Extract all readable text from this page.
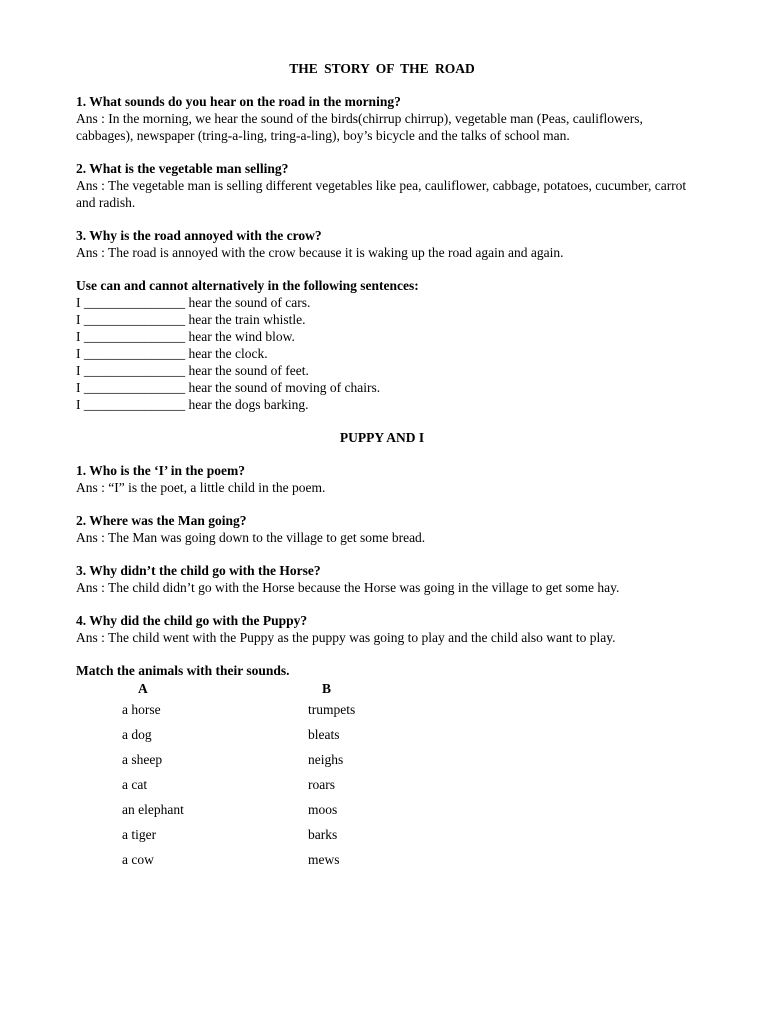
THE STORY OF THE ROAD
1. What sounds do you hear on the road in the morning?
Ans : In the morning, we hear the sound of the birds(chirrup chirrup), vegetable man (Peas, cauliflowers, cabbages), newspaper (tring-a-ling, tring-a-ling), boy’s bicycle and the talks of school man.
2. What is the vegetable man selling?
Ans : The vegetable man is selling different vegetables like pea, cauliflower, cabbage, potatoes, cucumber, carrot and radish.
3. Why is the road annoyed with the crow?
Ans : The road is annoyed with the crow because it is waking up the road again and again.
Use can and cannot alternatively in the following sentences:
I _______________ hear the sound of cars.
I _______________ hear the train whistle.
I _______________ hear the wind blow.
I _______________ hear the clock.
I _______________ hear the sound of feet.
I _______________ hear the sound of moving of chairs.
I _______________ hear the dogs barking.
PUPPY AND I
1. Who is the ‘I’ in the poem?
Ans : “I” is the poet, a little child in the poem.
2. Where was the Man going?
Ans : The Man was going down to the village to get some bread.
3. Why didn’t the child go with the Horse?
Ans : The child didn’t go with the Horse because the Horse was going in the village to get some hay.
4. Why did the child go with the Puppy?
Ans : The child went with the Puppy as the puppy was going to play and the child also want to play.
Match the animals with their sounds.
A	B
a horse	trumpets
a dog	bleats
a sheep	neighs
a cat	roars
an elephant	moos
a tiger	barks
a cow	mews
